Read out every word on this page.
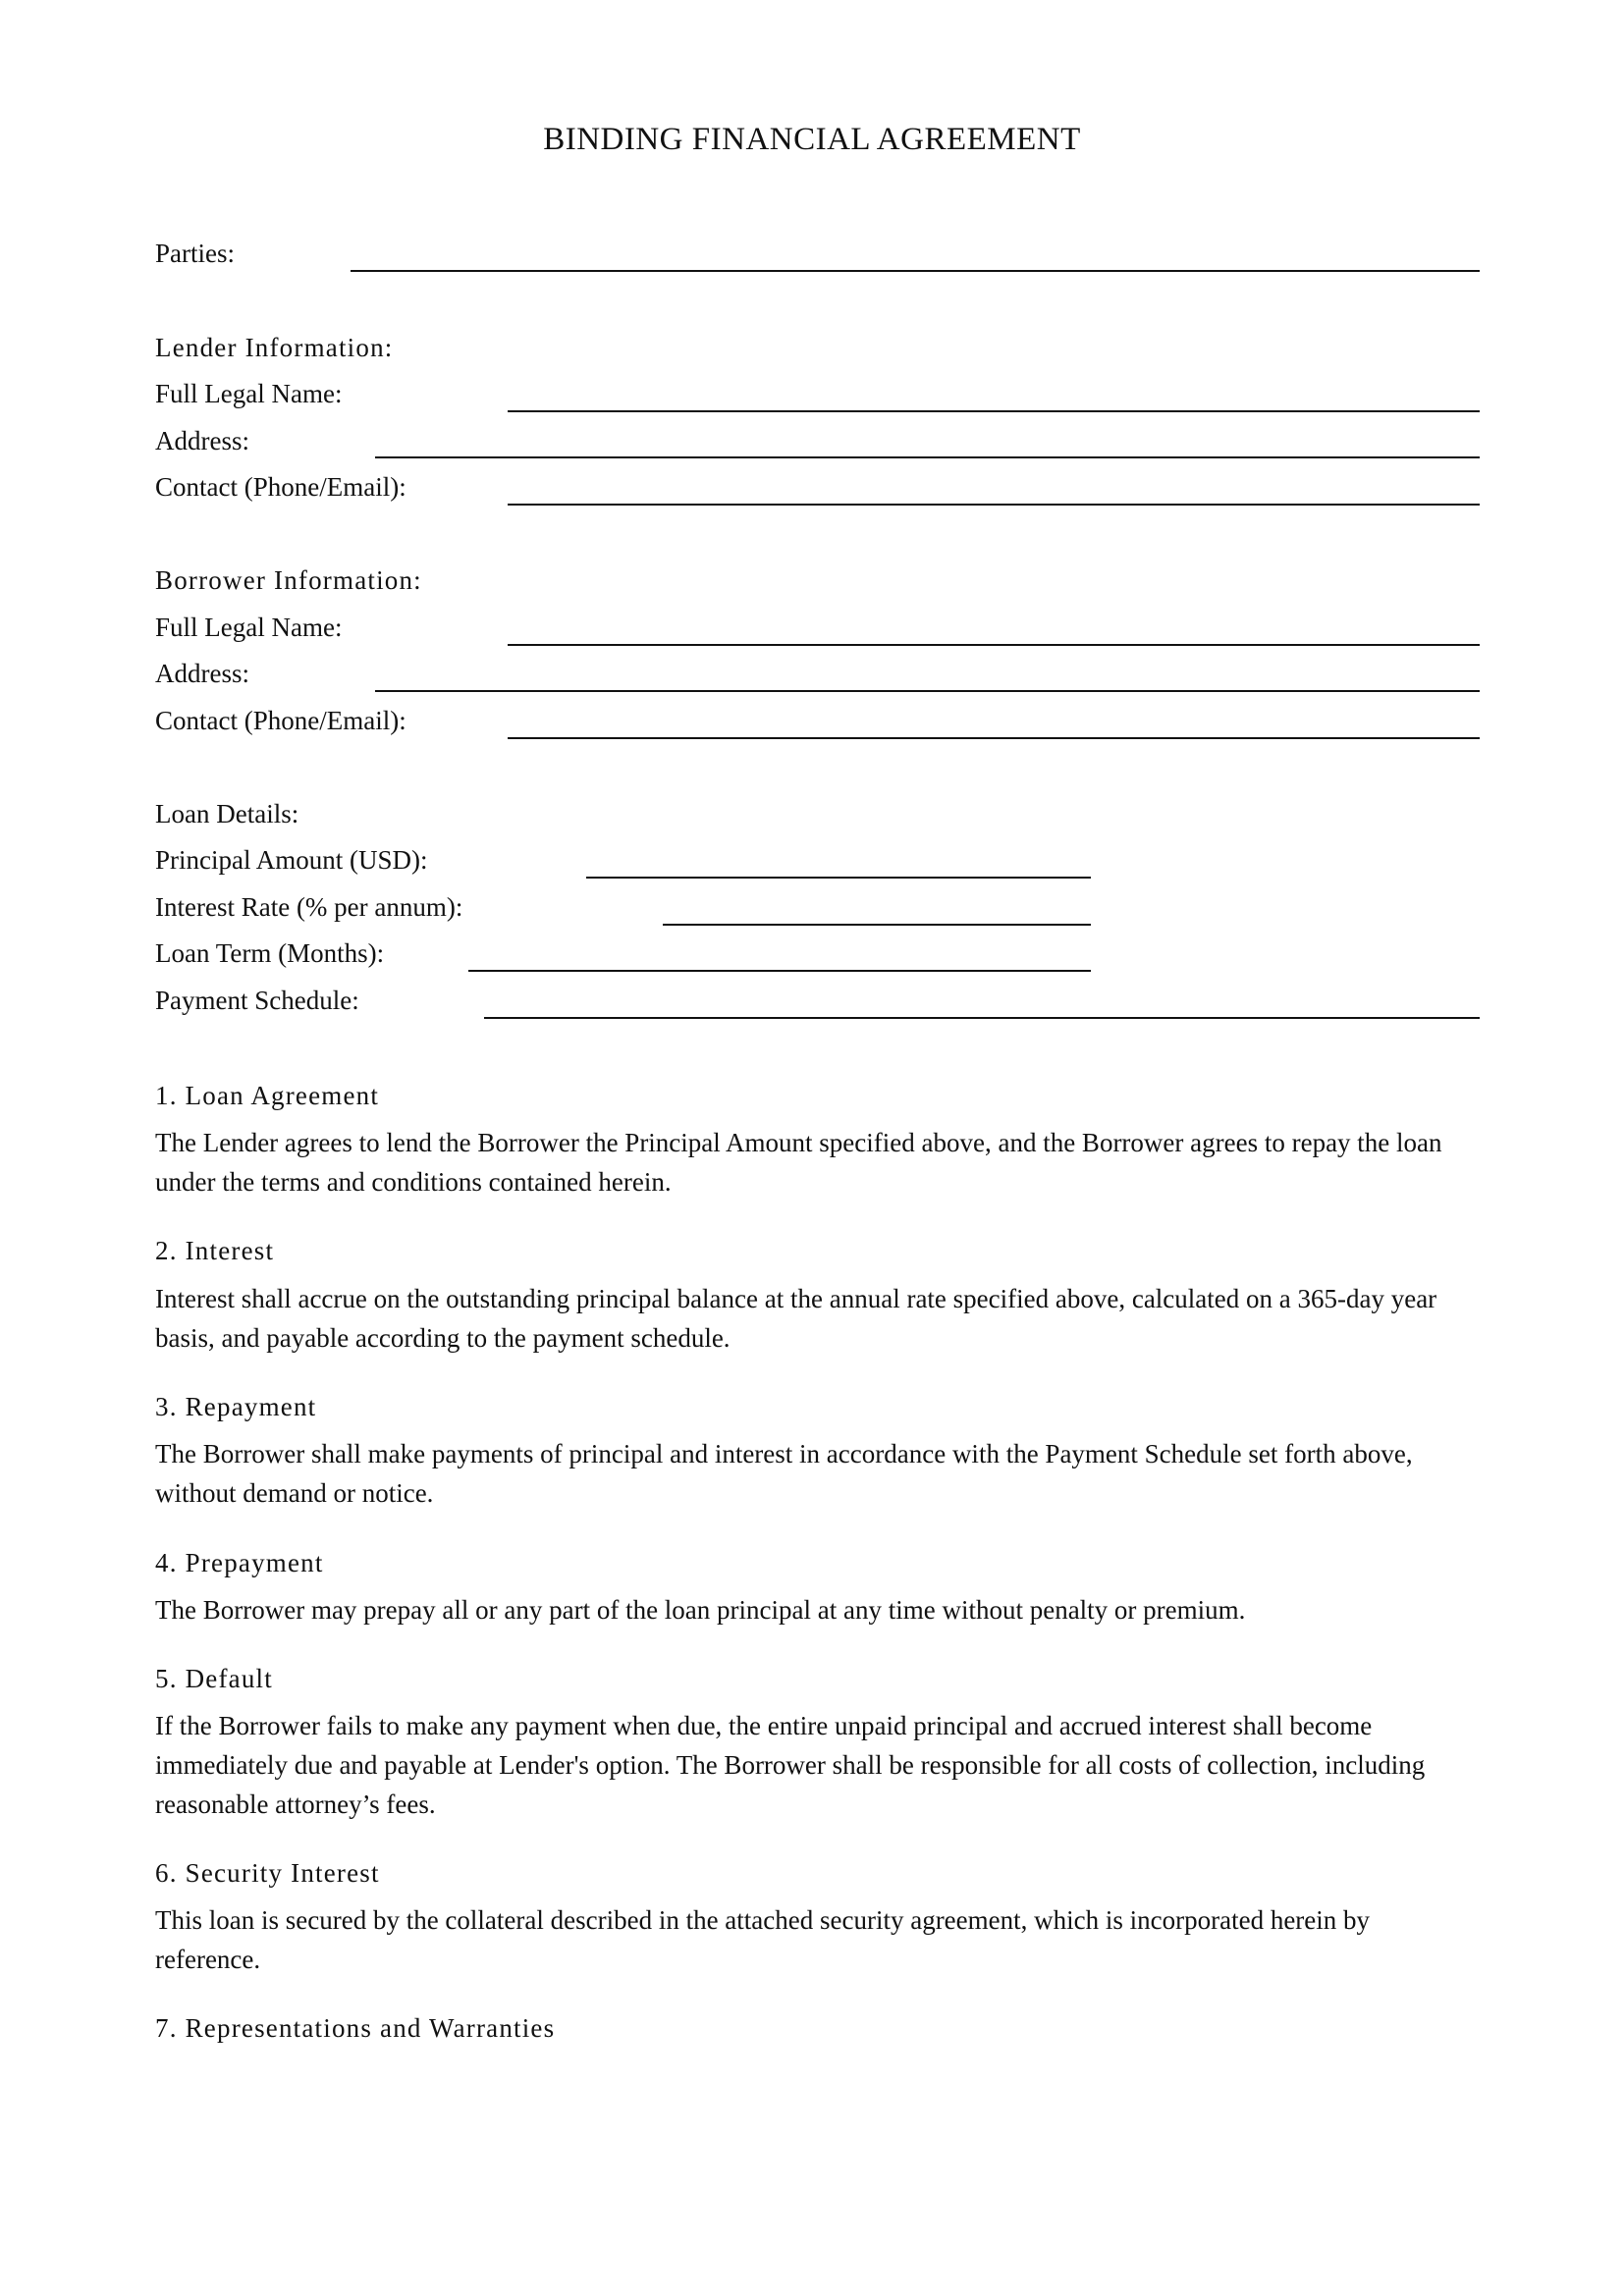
BINDING FINANCIAL AGREEMENT
Parties:
Lender Information:
Full Legal Name:
Address:
Contact (Phone/Email):
Borrower Information:
Full Legal Name:
Address:
Contact (Phone/Email):
Loan Details:
Principal Amount (USD):
Interest Rate (% per annum):
Loan Term (Months):
Payment Schedule:
1. Loan Agreement
The Lender agrees to lend the Borrower the Principal Amount specified above, and the Borrower agrees to repay the loan under the terms and conditions contained herein.
2. Interest
Interest shall accrue on the outstanding principal balance at the annual rate specified above, calculated on a 365-day year basis, and payable according to the payment schedule.
3. Repayment
The Borrower shall make payments of principal and interest in accordance with the Payment Schedule set forth above, without demand or notice.
4. Prepayment
The Borrower may prepay all or any part of the loan principal at any time without penalty or premium.
5. Default
If the Borrower fails to make any payment when due, the entire unpaid principal and accrued interest shall become immediately due and payable at Lender's option. The Borrower shall be responsible for all costs of collection, including reasonable attorney’s fees.
6. Security Interest
This loan is secured by the collateral described in the attached security agreement, which is incorporated herein by reference.
7. Representations and Warranties
